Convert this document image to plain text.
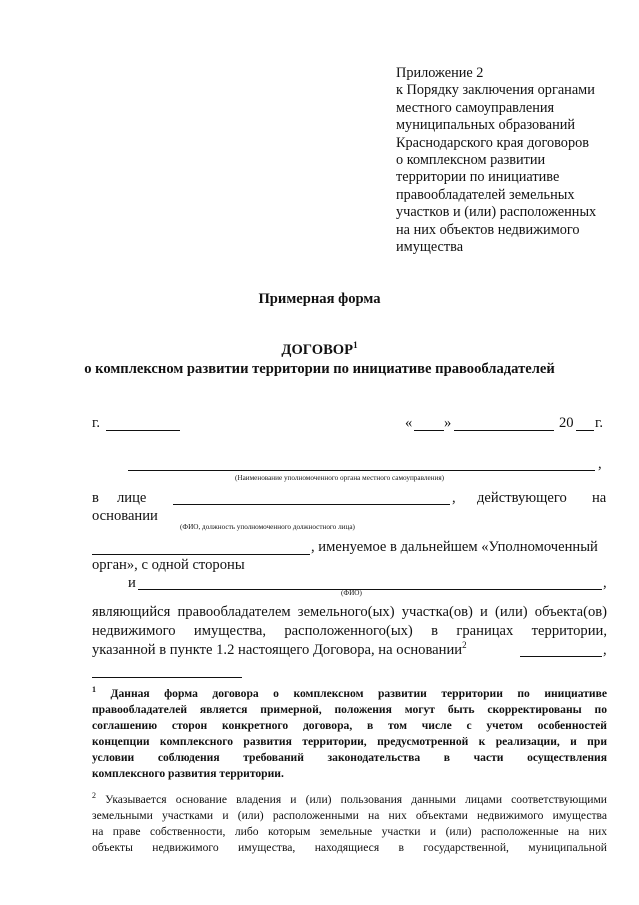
Приложение 2
к Порядку заключения органами
местного самоуправления
муниципальных образований
Краснодарского края договоров
о комплексном развитии
территории по инициативе
правообладателей земельных
участков и (или) расположенных
на них объектов недвижимого
имущества
Примерная форма
ДОГОВОР$^1$
о комплексном развитии территории по инициативе правообладателей
г.	« »	20 г.
,
(Наименование уполномоченного органа местного самоуправления)
в лице	, действующего на
основании
(ФИО, должность уполномоченного должностного лица)
, именуемое в дальнейшем «Уполномоченный
орган», с одной стороны
и	,
(ФИО)
являющийся правообладателем земельного(ых) участка(ов) и (или) объекта(ов)
недвижимого имущества, расположенного(ых) в границах территории,
указанной в пункте 1.2 настоящего Договора, на основании$^2$	,
$^1$ Данная форма договора о комплексном развитии территории по инициативе
правообладателей является примерной, положения могут быть скорректированы по
соглашению сторон конкретного договора, в том числе с учетом особенностей
концепции комплексного развития территории, предусмотренной к реализации, и при
условии соблюдения требований законодательства в части осуществления
комплексного развития территории.
$^2$ Указывается основание владения и (или) пользования данными лицами соответствующими
земельными участками и (или) расположенными на них объектами недвижимого имущества
на праве собственности, либо которым земельные участки и (или) расположенные на них
объекты недвижимого имущества, находящиеся в государственной, муниципальной
